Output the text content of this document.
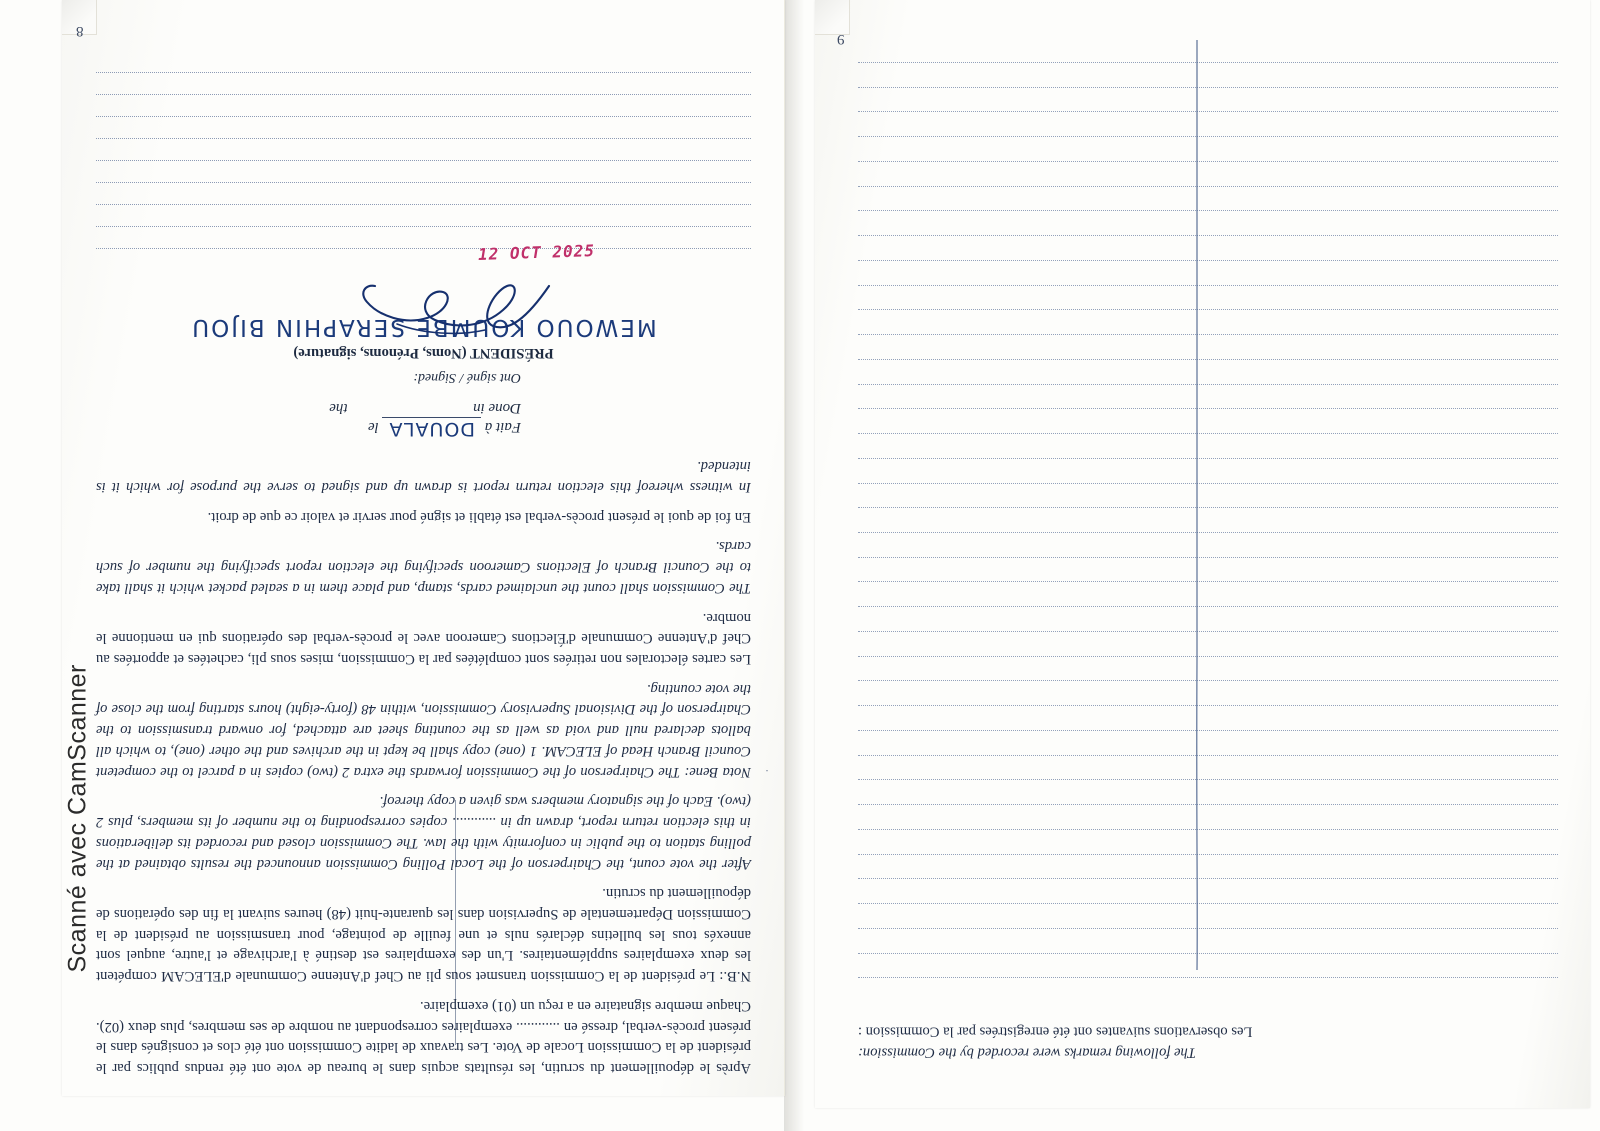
8

Après le dépouillement du scrutin, les résultats acquis dans le bureau de vote ont été rendus publics par le président de la Commission Locale de Vote. Les travaux de ladite Commission ont été clos et consignés dans le présent procès-verbal, dressé en ............ exemplaires correspondant au nombre de ses membres, plus deux (02). Chaque membre signataire en a reçu un (01) exemplaire.

N.B.: Le président de la Commission transmet sous pli au Chef d'Antenne Communale d'ELECAM compétent les deux exemplaires supplémentaires. L'un des exemplaires est destiné à l'archivage et l'autre, auquel sont annexés tous les bulletins déclarés nuls et une feuille de pointage, pour transmission au président de la Commission Départementale de Supervision dans les quarante-huit (48) heures suivant la fin des opérations de dépouillement du scrutin.

After the vote count, the Chairperson of the Local Polling Commission announced the results obtained at the polling station to the public in conformity with the law. The Commission closed and recorded its deliberations in this election return report, drawn up in ............ copies corresponding to the number of its members, plus 2 (two). Each of the signatory members was given a copy thereof.

Nota Bene: The Chairperson of the Commission forwards the extra 2 (two) copies in a parcel to the competent Council Branch Head of ELECAM. 1 (one) copy shall be kept in the archives and the other (one), to which all ballots declared null and void as well as the counting sheet are attached, for onward transmission to the Chairperson of the Divisional Supervisory Commission, within 48 (forty-eight) hours starting from the close of the vote counting.

Les cartes électorales non retirées sont complétées par la Commission, mises sous pli, cachetées et apportées au Chef d'Antenne Communale d'Élections Cameroon avec le procès-verbal des opérations qui en mentionne le nombre.

The Commission shall count the unclaimed cards, stamp, and place them in a sealed packet which it shall take to the Council Branch of Elections Cameroon specifying the election report specifying the number of such cards.

En foi de quoi le présent procès-verbal est établi et signé pour servir et valoir ce que de droit.

In witness whereof this election return report is drawn up and signed to serve the purpose for which it is intended.

Fait à DOUALA le
Done in  the
12 OCT 2025
Ont signé / Signed:
PRÉSIDENT (Noms, Prénoms, signature)
MEWOUO KOUMBE SERAPHIN BIJOU
·
9
The following remarks were recorded by the Commission:
Les observations suivantes ont été enregistrées par la Commission :
Scanné avec CamScanner
